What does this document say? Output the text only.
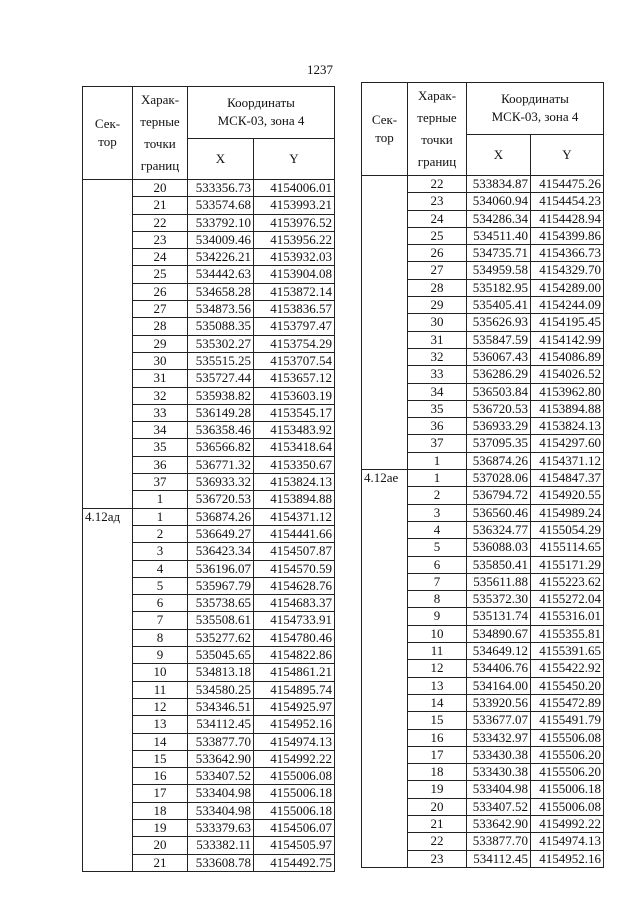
1237
Сек-
тор	Харак-
терные
точки
границ	Координаты
МСК-03, зона 4	
		X	Y
	20	533356.73	4154006.01
	21	533574.68	4153993.21
	22	533792.10	4153976.52
	23	534009.46	4153956.22
	24	534226.21	4153932.03
	25	534442.63	4153904.08
	26	534658.28	4153872.14
	27	534873.56	4153836.57
	28	535088.35	4153797.47
	29	535302.27	4153754.29
	30	535515.25	4153707.54
	31	535727.44	4153657.12
	32	535938.82	4153603.19
	33	536149.28	4153545.17
	34	536358.46	4153483.92
	35	536566.82	4153418.64
	36	536771.32	4153350.67
	37	536933.32	4153824.13
	1	536720.53	4153894.88
4.12ад	1	536874.26	4154371.12
	2	536649.27	4154441.66
	3	536423.34	4154507.87
	4	536196.07	4154570.59
	5	535967.79	4154628.76
	6	535738.65	4154683.37
	7	535508.61	4154733.91
	8	535277.62	4154780.46
	9	535045.65	4154822.86
	10	534813.18	4154861.21
	11	534580.25	4154895.74
	12	534346.51	4154925.97
	13	534112.45	4154952.16
	14	533877.70	4154974.13
	15	533642.90	4154992.22
	16	533407.52	4155006.08
	17	533404.98	4155006.18
	18	533404.98	4155006.18
	19	533379.63	4154506.07
	20	533382.11	4154505.97
	21	533608.78	4154492.75
Сек-
тор	Харак-
терные
точки
границ	Координаты
МСК-03, зона 4	
		X	Y
	22	533834.87	4154475.26
	23	534060.94	4154454.23
	24	534286.34	4154428.94
	25	534511.40	4154399.86
	26	534735.71	4154366.73
	27	534959.58	4154329.70
	28	535182.95	4154289.00
	29	535405.41	4154244.09
	30	535626.93	4154195.45
	31	535847.59	4154142.99
	32	536067.43	4154086.89
	33	536286.29	4154026.52
	34	536503.84	4153962.80
	35	536720.53	4153894.88
	36	536933.29	4153824.13
	37	537095.35	4154297.60
	1	536874.26	4154371.12
4.12ае	1	537028.06	4154847.37
	2	536794.72	4154920.55
	3	536560.46	4154989.24
	4	536324.77	4155054.29
	5	536088.03	4155114.65
	6	535850.41	4155171.29
	7	535611.88	4155223.62
	8	535372.30	4155272.04
	9	535131.74	4155316.01
	10	534890.67	4155355.81
	11	534649.12	4155391.65
	12	534406.76	4155422.92
	13	534164.00	4155450.20
	14	533920.56	4155472.89
	15	533677.07	4155491.79
	16	533432.97	4155506.08
	17	533430.38	4155506.20
	18	533430.38	4155506.20
	19	533404.98	4155006.18
	20	533407.52	4155006.08
	21	533642.90	4154992.22
	22	533877.70	4154974.13
	23	534112.45	4154952.16
